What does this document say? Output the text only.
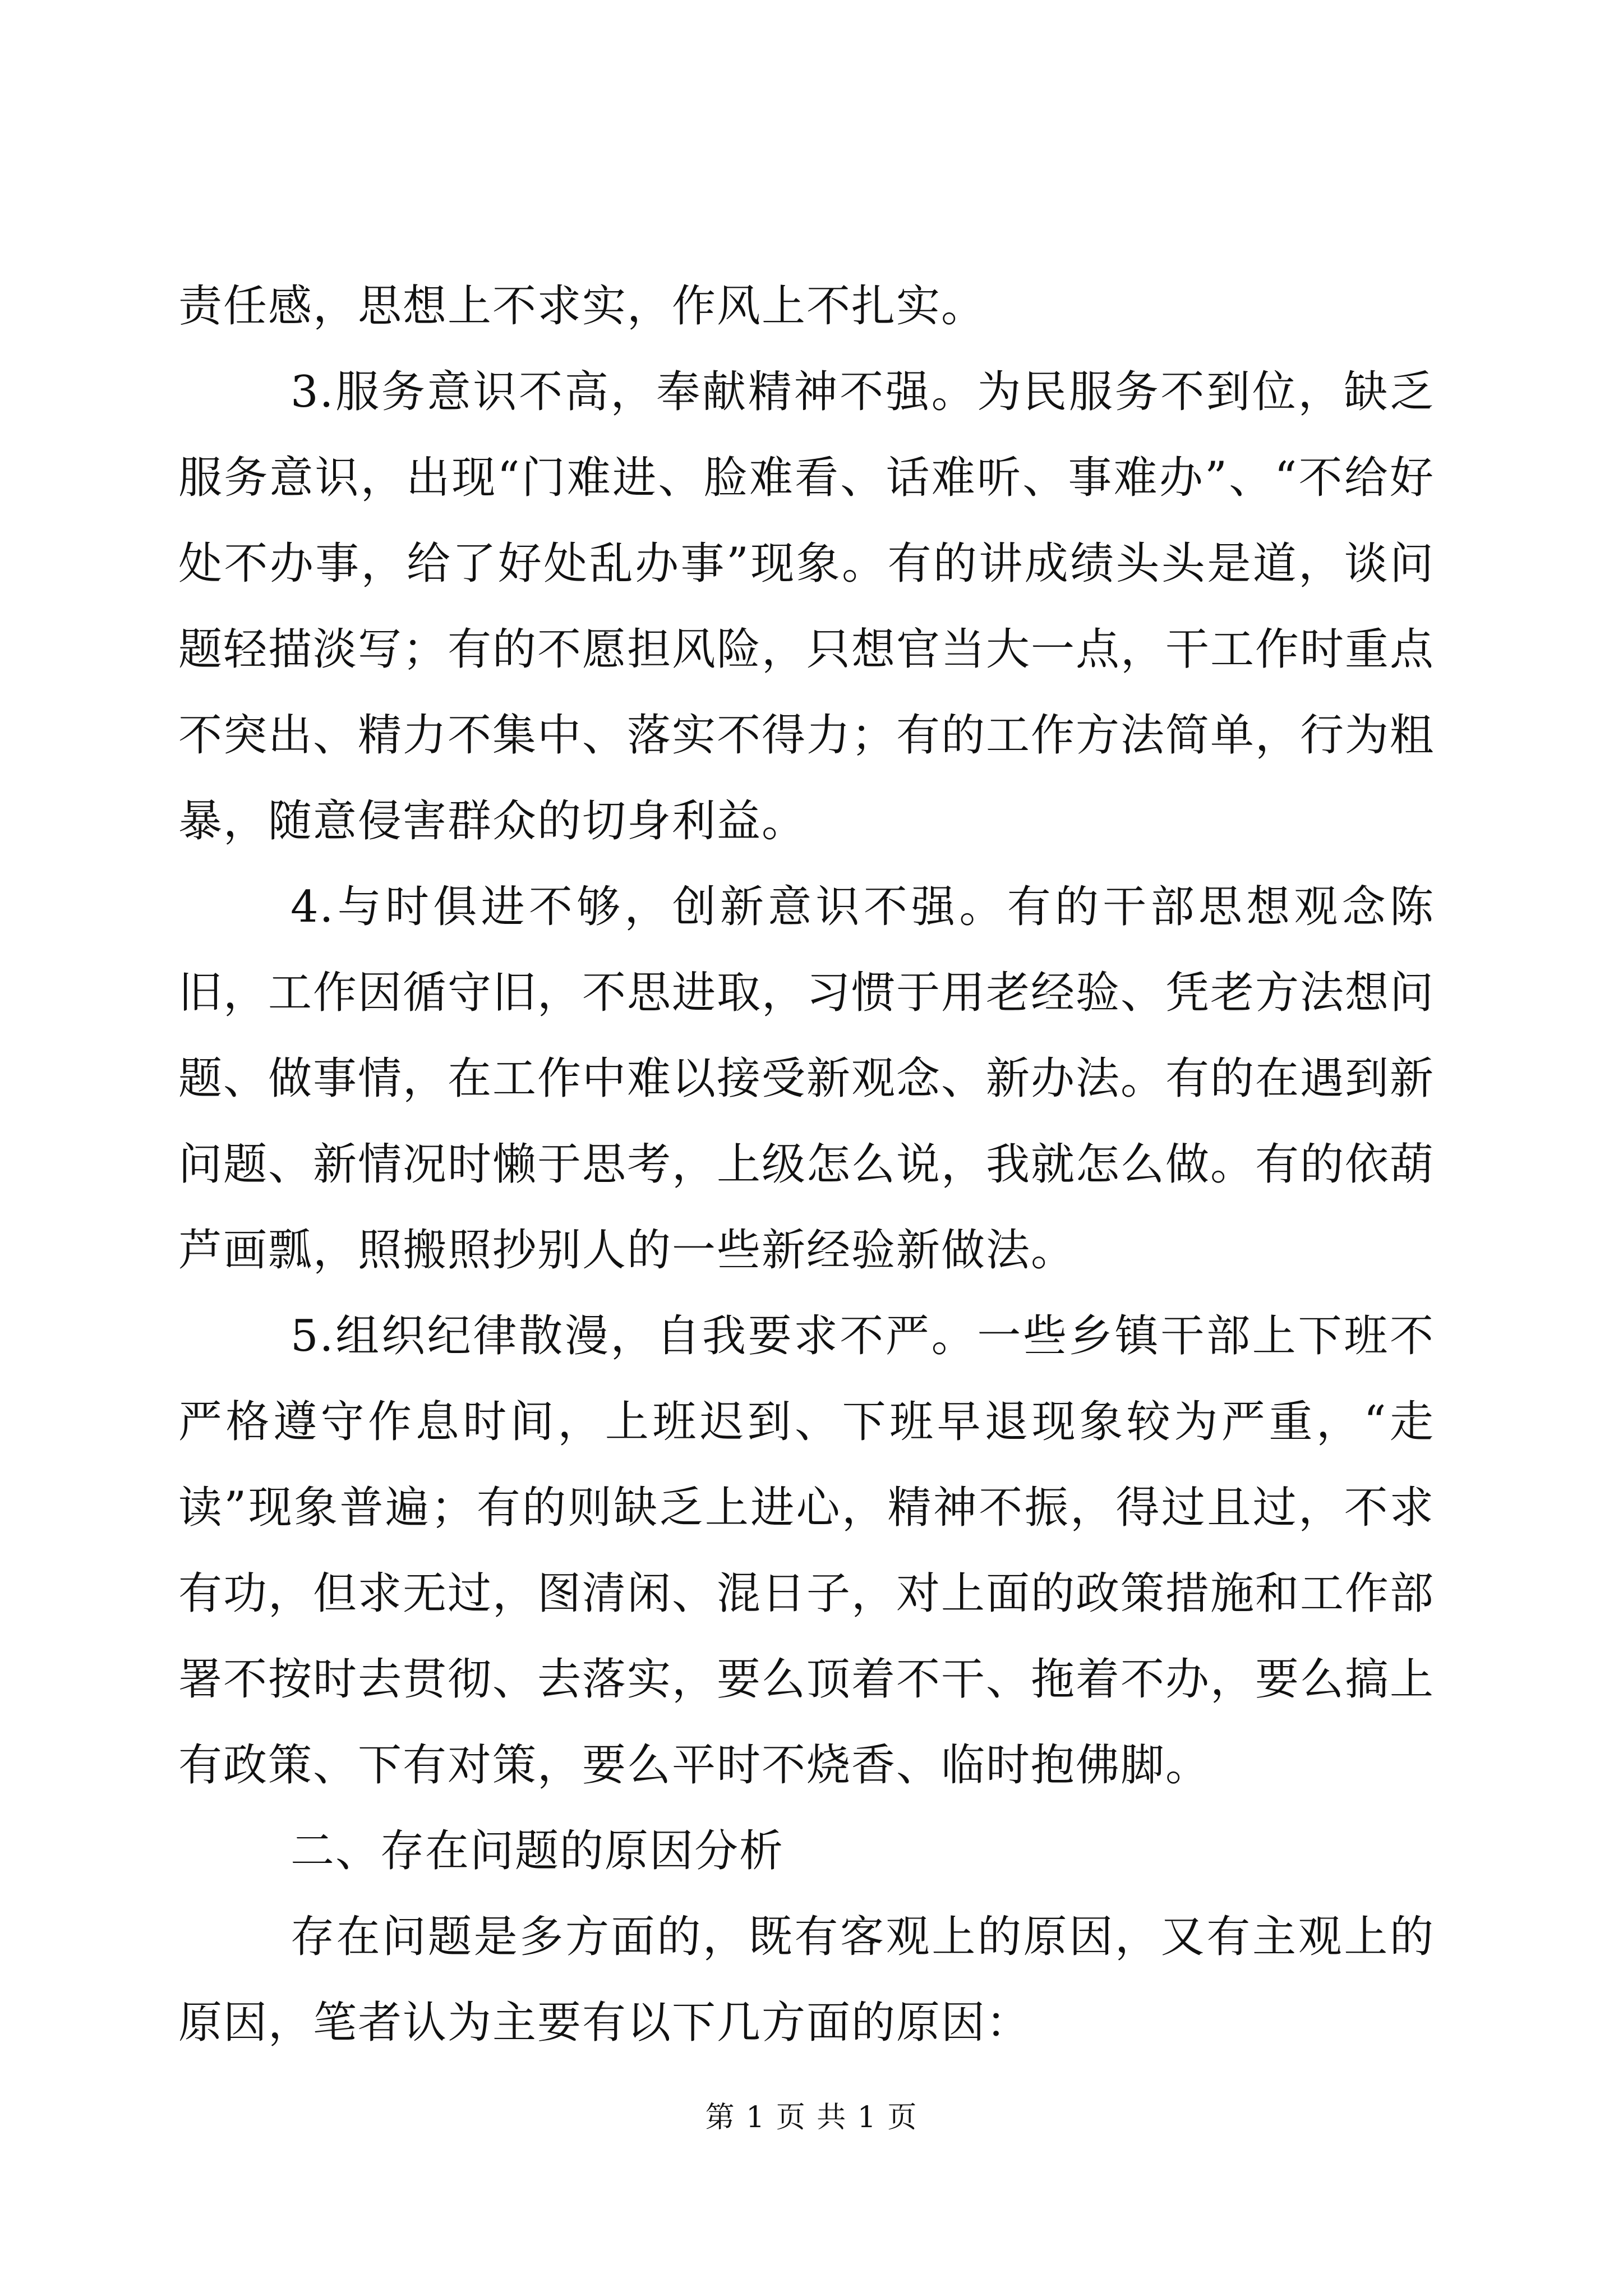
责任感，思想上不求实，作风上不扎实。

3.服务意识不高，奉献精神不强。为民服务不到位，缺乏服务意识，出现“门难进、脸难看、话难听、事难办”、“不给好处不办事，给了好处乱办事”现象。有的讲成绩头头是道，谈问题轻描淡写；有的不愿担风险，只想官当大一点，干工作时重点不突出、精力不集中、落实不得力；有的工作方法简单，行为粗暴，随意侵害群众的切身利益。

4.与时俱进不够，创新意识不强。有的干部思想观念陈旧，工作因循守旧，不思进取，习惯于用老经验、凭老方法想问题、做事情，在工作中难以接受新观念、新办法。有的在遇到新问题、新情况时懒于思考，上级怎么说，我就怎么做。有的依葫芦画瓢，照搬照抄别人的一些新经验新做法。

5.组织纪律散漫，自我要求不严。一些乡镇干部上下班不严格遵守作息时间，上班迟到、下班早退现象较为严重，“走读”现象普遍；有的则缺乏上进心，精神不振，得过且过，不求有功，但求无过，图清闲、混日子，对上面的政策措施和工作部署不按时去贯彻、去落实，要么顶着不干、拖着不办，要么搞上有政策、下有对策，要么平时不烧香、临时抱佛脚。

二、存在问题的原因分析

存在问题是多方面的，既有客观上的原因，又有主观上的原因，笔者认为主要有以下几方面的原因：

第 1 页 共 1 页
